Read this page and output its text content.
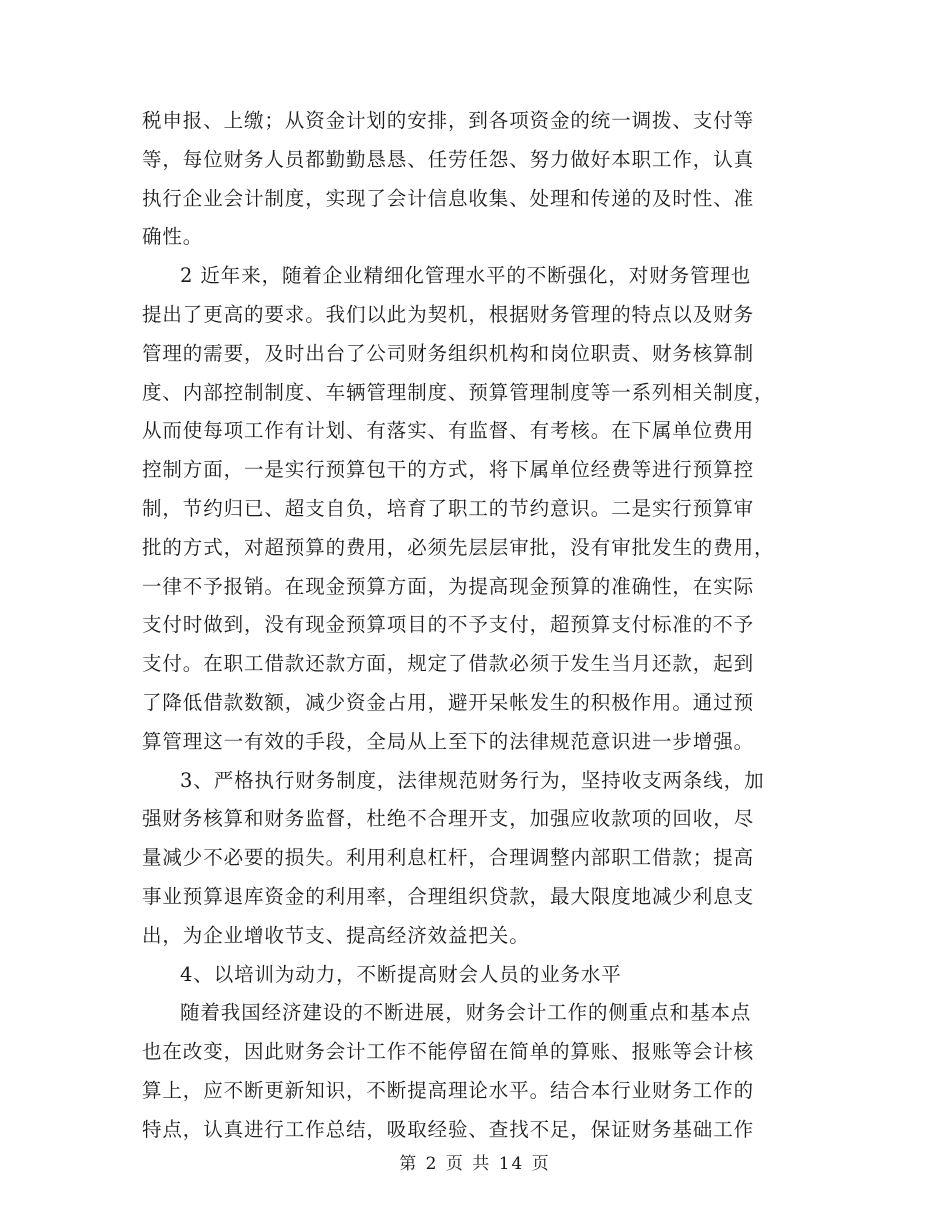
税申报、上缴；从资金计划的安排，到各项资金的统一调拨、支付等
等，每位财务人员都勤勤恳恳、任劳任怨、努力做好本职工作，认真
执行企业会计制度，实现了会计信息收集、处理和传递的及时性、准
确性。
2 近年来，随着企业精细化管理水平的不断强化，对财务管理也
提出了更高的要求。我们以此为契机，根据财务管理的特点以及财务
管理的需要，及时出台了公司财务组织机构和岗位职责、财务核算制
度、内部控制制度、车辆管理制度、预算管理制度等一系列相关制度，
从而使每项工作有计划、有落实、有监督、有考核。在下属单位费用
控制方面，一是实行预算包干的方式，将下属单位经费等进行预算控
制，节约归已、超支自负，培育了职工的节约意识。二是实行预算审
批的方式，对超预算的费用，必须先层层审批，没有审批发生的费用，
一律不予报销。在现金预算方面，为提高现金预算的准确性，在实际
支付时做到，没有现金预算项目的不予支付，超预算支付标准的不予
支付。在职工借款还款方面，规定了借款必须于发生当月还款，起到
了降低借款数额，减少资金占用，避开呆帐发生的积极作用。通过预
算管理这一有效的手段，全局从上至下的法律规范意识进一步增强。
3、严格执行财务制度，法律规范财务行为，坚持收支两条线，加
强财务核算和财务监督，杜绝不合理开支，加强应收款项的回收，尽
量减少不必要的损失。利用利息杠杆，合理调整内部职工借款；提高
事业预算退库资金的利用率，合理组织贷款，最大限度地减少利息支
出，为企业增收节支、提高经济效益把关。
4、以培训为动力，不断提高财会人员的业务水平
随着我国经济建设的不断进展，财务会计工作的侧重点和基本点
也在改变，因此财务会计工作不能停留在简单的算账、报账等会计核
算上，应不断更新知识，不断提高理论水平。结合本行业财务工作的
特点，认真进行工作总结，吸取经验、查找不足，保证财务基础工作
第 2 页 共 14 页
